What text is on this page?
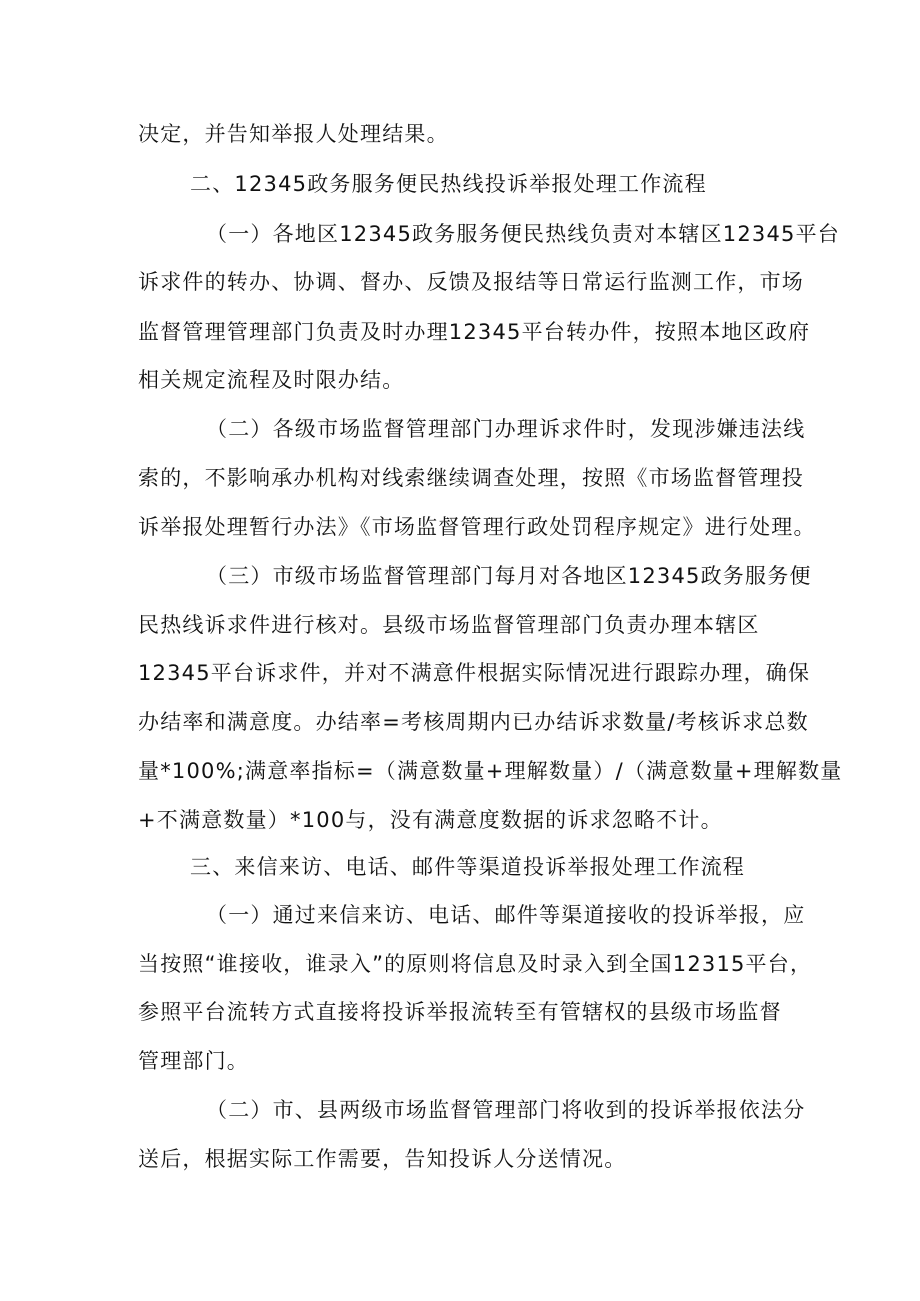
决定，并告知举报人处理结果。
二、12345政务服务便民热线投诉举报处理工作流程
（一）各地区12345政务服务便民热线负责对本辖区12345平台
诉求件的转办、协调、督办、反馈及报结等日常运行监测工作，市场
监督管理管理部门负责及时办理12345平台转办件，按照本地区政府
相关规定流程及时限办结。
（二）各级市场监督管理部门办理诉求件时，发现涉嫌违法线
索的，不影响承办机构对线索继续调查处理，按照《市场监督管理投
诉举报处理暂行办法》《市场监督管理行政处罚程序规定》进行处理。
（三）市级市场监督管理部门每月对各地区12345政务服务便
民热线诉求件进行核对。县级市场监督管理部门负责办理本辖区
12345平台诉求件，并对不满意件根据实际情况进行跟踪办理，确保
办结率和满意度。办结率=考核周期内已办结诉求数量/考核诉求总数
量*100%;满意率指标=（满意数量+理解数量）/（满意数量+理解数量
+不满意数量）*100与，没有满意度数据的诉求忽略不计。
三、来信来访、电话、邮件等渠道投诉举报处理工作流程
（一）通过来信来访、电话、邮件等渠道接收的投诉举报，应
当按照“谁接收，谁录入”的原则将信息及时录入到全国12315平台，
参照平台流转方式直接将投诉举报流转至有管辖权的县级市场监督
管理部门。
（二）市、县两级市场监督管理部门将收到的投诉举报依法分
送后，根据实际工作需要，告知投诉人分送情况。
